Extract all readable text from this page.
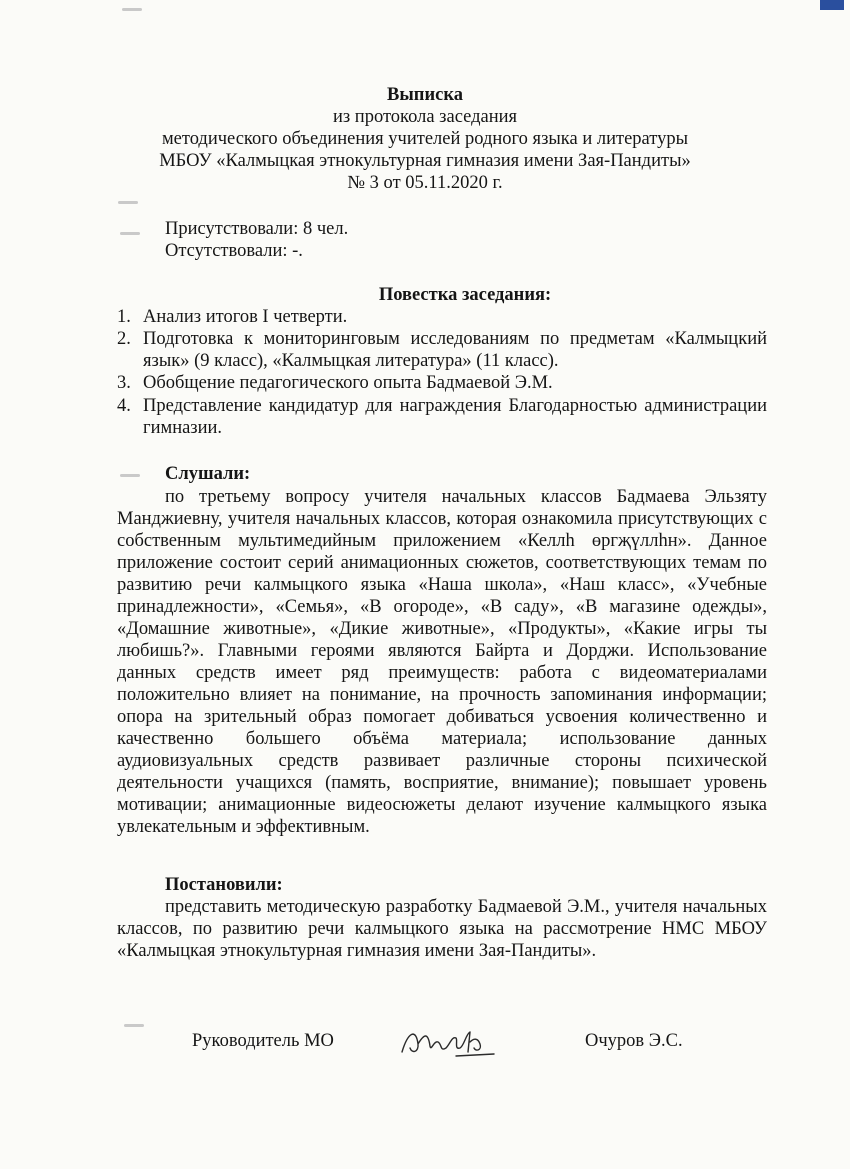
Выписка
из протокола заседания
методического объединения учителей родного языка и литературы
МБОУ «Калмыцкая этнокультурная гимназия имени Зая-Пандиты»
№ 3 от 05.11.2020 г.
Присутствовали: 8 чел.
Отсутствовали: -.
Повестка заседания:
1. Анализ итогов I четверти.
2. Подготовка к мониторинговым исследованиям по предметам «Калмыцкий язык» (9 класс), «Калмыцкая литература» (11 класс).
3. Обобщение педагогического опыта Бадмаевой Э.М.
4. Представление кандидатур для награждения Благодарностью администрации гимназии.
Слушали:
по третьему вопросу учителя начальных классов Бадмаева Эльзяту Манджиевну, учителя начальных классов, которая ознакомила присутствующих с собственным мультимедийным приложением «Келлһ өргҗүллһн». Данное приложение состоит серий анимационных сюжетов, соответствующих темам по развитию речи калмыцкого языка «Наша школа», «Наш класс», «Учебные принадлежности», «Семья», «В огороде», «В саду», «В магазине одежды», «Домашние животные», «Дикие животные», «Продукты», «Какие игры ты любишь?». Главными героями являются Байрта и Дорджи. Использование данных средств имеет ряд преимуществ: работа с видеоматериалами положительно влияет на понимание, на прочность запоминания информации; опора на зрительный образ помогает добиваться усвоения количественно и качественно большего объёма материала; использование данных аудиовизуальных средств развивает различные стороны психической деятельности учащихся (память, восприятие, внимание); повышает уровень мотивации; анимационные видеосюжеты делают изучение калмыцкого языка увлекательным и эффективным.
Постановили:
представить методическую разработку Бадмаевой Э.М., учителя начальных классов, по развитию речи калмыцкого языка на рассмотрение НМС МБОУ «Калмыцкая этнокультурная гимназия имени Зая-Пандиты».
Руководитель МО	Очуров Э.С.
